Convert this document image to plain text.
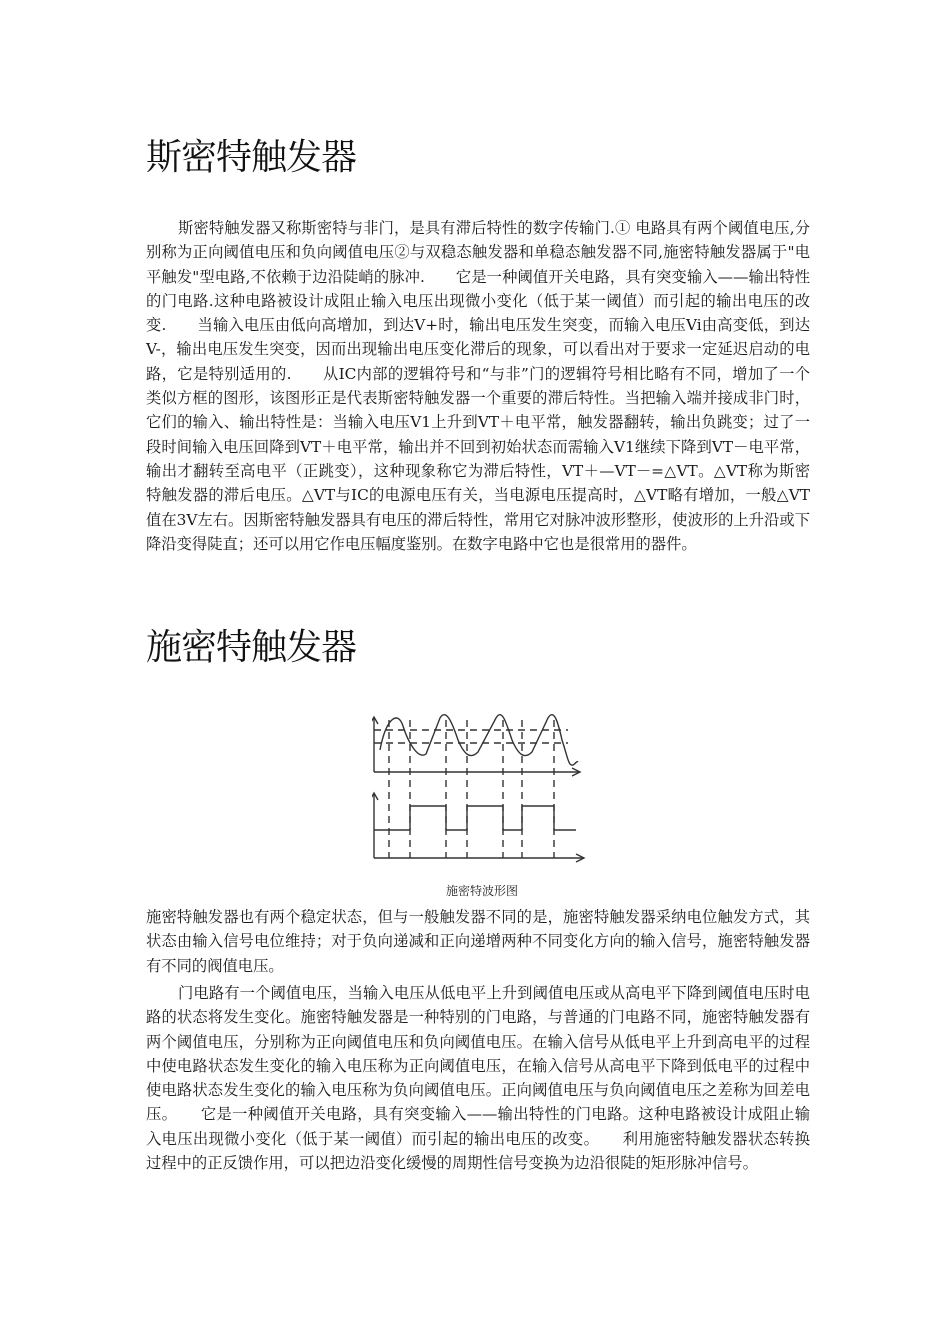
斯密特触发器

斯密特触发器又称斯密特与非门，是具有滞后特性的数字传输门.① 电路具有两个阈值电压,分别称为正向阈值电压和负向阈值电压②与双稳态触发器和单稳态触发器不同,施密特触发器属于"电平触发"型电路,不依赖于边沿陡峭的脉冲.　　它是一种阈值开关电路，具有突变输入——输出特性的门电路.这种电路被设计成阻止输入电压出现微小变化（低于某一阈值）而引起的输出电压的改变.　　当输入电压由低向高增加，到达V+时，输出电压发生突变，而输入电压Vi由高变低，到达V-，输出电压发生突变，因而出现输出电压变化滞后的现象，可以看出对于要求一定延迟启动的电路，它是特别适用的.　　从IC内部的逻辑符号和“与非”门的逻辑符号相比略有不同，增加了一个类似方框的图形，该图形正是代表斯密特触发器一个重要的滞后特性。当把输入端并接成非门时，它们的输入、输出特性是：当输入电压V1上升到VT＋电平常，触发器翻转，输出负跳变；过了一段时间输入电压回降到VT＋电平常，输出并不回到初始状态而需输入V1继续下降到VT－电平常，输出才翻转至高电平（正跳变），这种现象称它为滞后特性，VT＋—VT－=△VT。△VT称为斯密特触发器的滞后电压。△VT与IC的电源电压有关，当电源电压提高时，△VT略有增加，一般△VT值在3V左右。因斯密特触发器具有电压的滞后特性，常用它对脉冲波形整形，使波形的上升沿或下降沿变得陡直；还可以用它作电压幅度鉴别。在数字电路中它也是很常用的器件。

施密特触发器
施密特波形图

施密特触发器也有两个稳定状态，但与一般触发器不同的是，施密特触发器采纳电位触发方式，其状态由输入信号电位维持；对于负向递减和正向递增两种不同变化方向的输入信号，施密特触发器有不同的阀值电压。

门电路有一个阈值电压，当输入电压从低电平上升到阈值电压或从高电平下降到阈值电压时电路的状态将发生变化。施密特触发器是一种特别的门电路，与普通的门电路不同，施密特触发器有两个阈值电压，分别称为正向阈值电压和负向阈值电压。在输入信号从低电平上升到高电平的过程中使电路状态发生变化的输入电压称为正向阈值电压，在输入信号从高电平下降到低电平的过程中使电路状态发生变化的输入电压称为负向阈值电压。正向阈值电压与负向阈值电压之差称为回差电压。　　它是一种阈值开关电路，具有突变输入——输出特性的门电路。这种电路被设计成阻止输入电压出现微小变化（低于某一阈值）而引起的输出电压的改变。　　利用施密特触发器状态转换过程中的正反馈作用，可以把边沿变化缓慢的周期性信号变换为边沿很陡的矩形脉冲信号。
